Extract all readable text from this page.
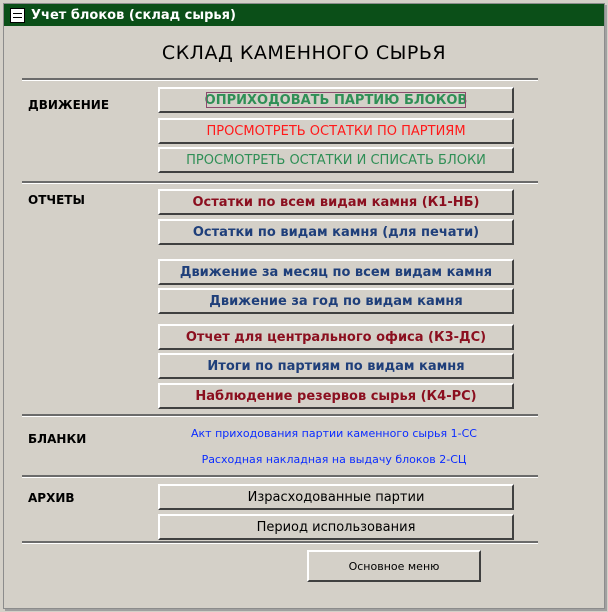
Учет блоков (склад сырья)
СКЛАД КАМЕННОГО СЫРЬЯ
ДВИЖЕНИЕ	ОПРИХОДОВАТЬ ПАРТИЮ БЛОКОВ
ПРОСМОТРЕТЬ ОСТАТКИ ПО ПАРТИЯМ
ПРОСМОТРЕТЬ ОСТАТКИ И СПИСАТЬ БЛОКИ
ОТЧЕТЫ	Остатки по всем видам камня (К1-НБ)
Остатки по видам камня (для печати)
Движение за месяц по всем видам камня
Движение за год по видам камня
Отчет для центрального офиса (К3-ДС)
Итоги по партиям по видам камня
Наблюдение резервов сырья (К4-РС)
БЛАНКИ	Акт приходования партии каменного сырья 1-СС
Расходная накладная на выдачу блоков 2-СЦ
АРХИВ	Израсходованные партии
Период использования
Основное меню
